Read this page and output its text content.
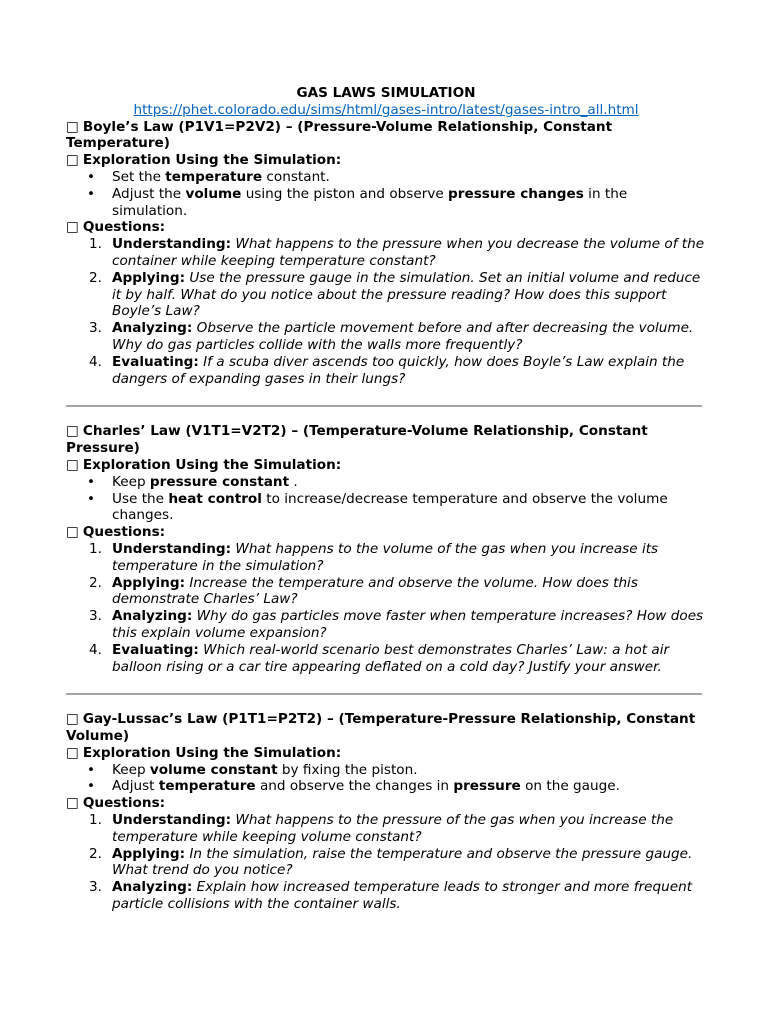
GAS LAWS SIMULATION
https://phet.colorado.edu/sims/html/gases-intro/latest/gases-intro_all.html
□ Boyle’s Law (P1V1=P2V2) – (Pressure-Volume Relationship, Constant Temperature)
□ Exploration Using the Simulation:
• Set the temperature constant.
• Adjust the volume using the piston and observe pressure changes in the simulation.
□ Questions:
1. Understanding: What happens to the pressure when you decrease the volume of the container while keeping temperature constant?
2. Applying: Use the pressure gauge in the simulation. Set an initial volume and reduce it by half. What do you notice about the pressure reading? How does this support Boyle’s Law?
3. Analyzing: Observe the particle movement before and after decreasing the volume. Why do gas particles collide with the walls more frequently?
4. Evaluating: If a scuba diver ascends too quickly, how does Boyle’s Law explain the dangers of expanding gases in their lungs?
□ Charles’ Law (V1T1=V2T2) – (Temperature-Volume Relationship, Constant Pressure)
□ Exploration Using the Simulation:
• Keep pressure constant .
• Use the heat control to increase/decrease temperature and observe the volume changes.
□ Questions:
1. Understanding: What happens to the volume of the gas when you increase its temperature in the simulation?
2. Applying: Increase the temperature and observe the volume. How does this demonstrate Charles’ Law?
3. Analyzing: Why do gas particles move faster when temperature increases? How does this explain volume expansion?
4. Evaluating: Which real-world scenario best demonstrates Charles’ Law: a hot air balloon rising or a car tire appearing deflated on a cold day? Justify your answer.
□ Gay-Lussac’s Law (P1T1=P2T2) – (Temperature-Pressure Relationship, Constant Volume)
□ Exploration Using the Simulation:
• Keep volume constant by fixing the piston.
• Adjust temperature and observe the changes in pressure on the gauge.
□ Questions:
1. Understanding: What happens to the pressure of the gas when you increase the temperature while keeping volume constant?
2. Applying: In the simulation, raise the temperature and observe the pressure gauge. What trend do you notice?
3. Analyzing: Explain how increased temperature leads to stronger and more frequent particle collisions with the container walls.
